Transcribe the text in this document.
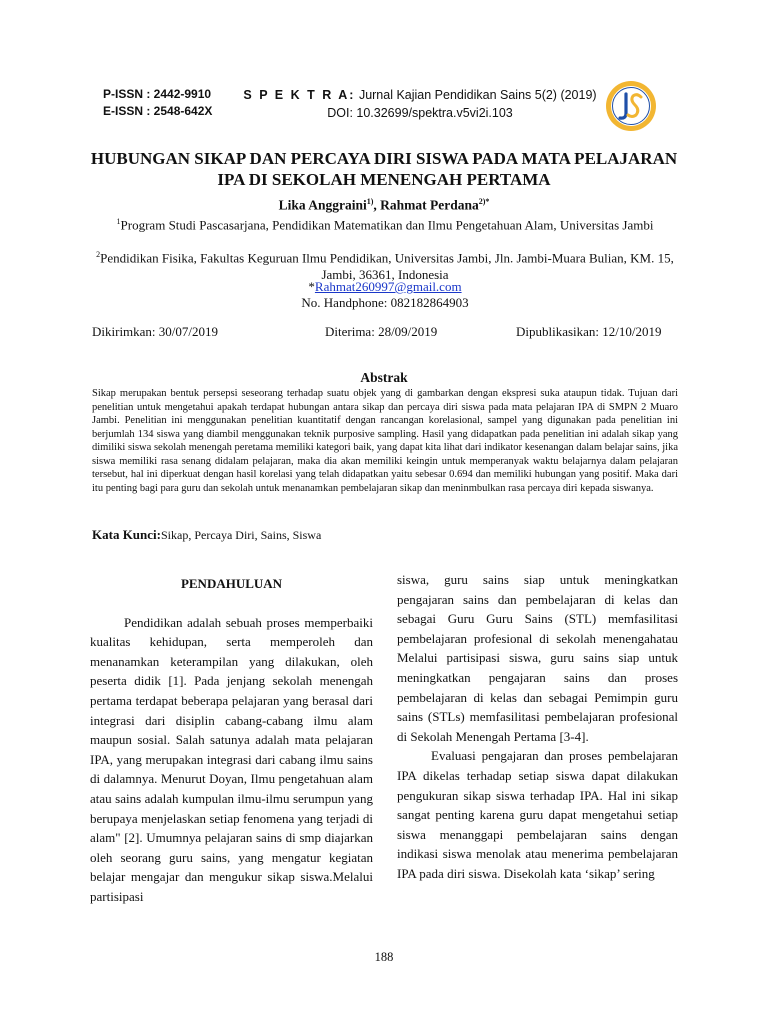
P-ISSN : 2442-9910
E-ISSN : 2548-642X
S P E K T R A: Jurnal Kajian Pendidikan Sains 5(2) (2019)
DOI: 10.32699/spektra.v5vi2i.103
HUBUNGAN SIKAP DAN PERCAYA DIRI SISWA PADA MATA PELAJARAN IPA DI SEKOLAH MENENGAH PERTAMA
Lika Anggraini$^{1)}$, Rahmat Perdana$^{2)*}$
$^1$Program Studi Pascasarjana, Pendidikan Matematikan dan Ilmu Pengetahuan Alam, Universitas Jambi
$^2$Pendidikan Fisika, Fakultas Keguruan Ilmu Pendidikan, Universitas Jambi, Jln. Jambi-Muara Bulian, KM. 15, Jambi, 36361, Indonesia
*Rahmat260997@gmail.com
No. Handphone: 082182864903
Dikirimkan: 30/07/2019	Diterima: 28/09/2019	Dipublikasikan: 12/10/2019
Abstrak
Sikap merupakan bentuk persepsi seseorang terhadap suatu objek yang di gambarkan dengan ekspresi suka ataupun tidak. Tujuan dari penelitian untuk mengetahui apakah terdapat hubungan antara sikap dan percaya diri siswa pada mata pelajaran IPA di SMPN 2 Muaro Jambi. Penelitian ini menggunakan penelitian kuantitatif dengan rancangan korelasional, sampel yang digunakan pada penelitian ini berjumlah 134 siswa yang diambil menggunakan teknik purposive sampling. Hasil yang didapatkan pada penelitian ini adalah sikap yang dimiliki siswa sekolah menengah peretama memiliki kategori baik, yang dapat kita lihat dari indikator kesenangan dalam belajar sains, jika siswa memiliki rasa senang didalam pelajaran, maka dia akan memiliki keingin untuk memperanyak waktu belajarnya dalam pelajaran tersebut, hal ini diperkuat dengan hasil korelasi yang telah didapatkan yaitu sebesar 0.694 dan memiliki hubungan yang positif. Maka dari itu penting bagi para guru dan sekolah untuk menanamkan pembelajaran sikap dan meninmbulkan rasa percaya diri kepada siswanya.
Kata Kunci:Sikap, Percaya Diri, Sains, Siswa

PENDAHULUAN

Pendidikan adalah sebuah proses memperbaiki kualitas kehidupan, serta memperoleh dan menanamkan keterampilan yang dilakukan, oleh peserta didik [1]. Pada jenjang sekolah menengah pertama terdapat beberapa pelajaran yang berasal dari integrasi dari disiplin cabang-cabang ilmu alam maupun sosial. Salah satunya adalah mata pelajaran IPA, yang merupakan integrasi dari cabang ilmu sains di dalamnya. Menurut Doyan, Ilmu pengetahuan alam atau sains adalah kumpulan ilmu-ilmu serumpun yang berupaya menjelaskan setiap fenomena yang terjadi di alam" [2]. Umumnya pelajaran sains di smp diajarkan oleh seorang guru sains, yang mengatur kegiatan belajar mengajar dan mengukur sikap siswa.Melalui partisipasi

siswa, guru sains siap untuk meningkatkan pengajaran sains dan pembelajaran di kelas dan sebagai Guru Guru Sains (STL) memfasilitasi pembelajaran profesional di sekolah menengahatau Melalui partisipasi siswa, guru sains siap untuk meningkatkan pengajaran sains dan proses pembelajaran di kelas dan sebagai Pemimpin guru sains (STLs) memfasilitasi pembelajaran profesional di Sekolah Menengah Pertama [3-4].

Evaluasi pengajaran dan proses pembelajaran IPA dikelas terhadap setiap siswa dapat dilakukan pengukuran sikap siswa terhadap IPA. Hal ini sikap sangat penting karena guru dapat mengetahui setiap siswa menanggapi pembelajaran sains dengan indikasi siswa menolak atau menerima pembelajaran IPA pada diri siswa. Disekolah kata ‘sikap’ sering

188
